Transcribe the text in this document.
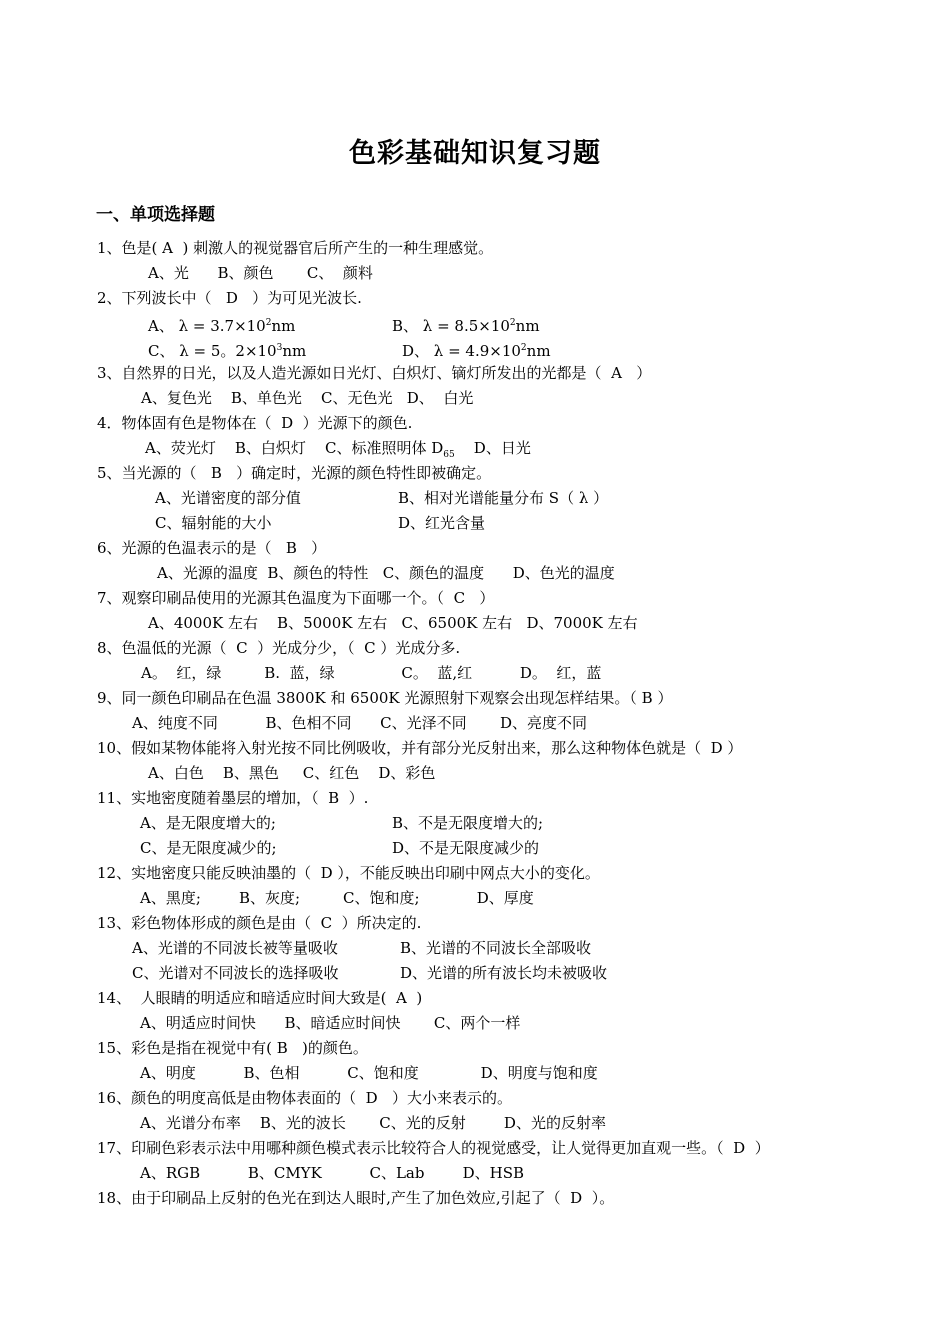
色彩基础知识复习题
一、单项选择题
1、色是( A  ) 刺激人的视觉器官后所产生的一种生理感觉。
A、光      B、颜色       C、  颜料
2、下列波长中（   D   ）为可见光波长.
A、 $\lambda = 3.7\times 10^2nm$	B、 $\lambda = 8.5\times 10^2nm$
C、 λ = 5。$2\times 10^3nm$	D、 $\lambda = 4.9\times 10^2nm$
3、自然界的日光，以及人造光源如日光灯、白炽灯、镝灯所发出的光都是（  A   ）
A、复色光    B、单色光    C、无色光   D、  白光
4．物体固有色是物体在（  D  ）光源下的颜色.
A、荧光灯    B、白炽灯    C、标准照明体 $D_{65}$    D、日光
5、当光源的（   B   ）确定时，光源的颜色特性即被确定。
A、光谱密度的部分值	B、相对光谱能量分布 S（ λ ）
C、辐射能的大小	D、红光含量
6、光源的色温表示的是（   B   ）
A、光源的温度  B、颜色的特性   C、颜色的温度      D、色光的温度
7、观察印刷品使用的光源其色温度为下面哪一个。（  C   ）
A、4000K 左右    B、5000K 左右   C、6500K 左右   D、7000K 左右
8、色温低的光源（  C  ）光成分少，（  C ）光成分多.
A。  红，绿         B.  蓝，绿              C。  蓝,红          D。  红，蓝
9、同一颜色印刷品在色温 3800K 和 6500K 光源照射下观察会出现怎样结果。（ B ）
A、纯度不同          B、色相不同      C、光泽不同       D、亮度不同
10、假如某物体能将入射光按不同比例吸收，并有部分光反射出来，那么这种物体色就是（  D ）
A、白色    B、黑色     C、红色    D、彩色
11、实地密度随着墨层的增加，（  B  ）.
A、是无限度增大的;	B、不是无限度增大的;
C、是无限度减少的;	D、不是无限度减少的
12、实地密度只能反映油墨的（  D ），不能反映出印刷中网点大小的变化。
A、黑度;        B、灰度;         C、饱和度;            D、厚度
13、彩色物体形成的颜色是由（  C  ）所决定的.
A、光谱的不同波长被等量吸收	B、光谱的不同波长全部吸收
C、光谱对不同波长的选择吸收	D、光谱的所有波长均未被吸收
14、  人眼睛的明适应和暗适应时间大致是(  A  )
A、明适应时间快      B、暗适应时间快       C、两个一样
15、彩色是指在视觉中有( B   )的颜色。
A、明度          B、色相          C、饱和度             D、明度与饱和度
16、颜色的明度高低是由物体表面的（  D   ）大小来表示的。
A、光谱分布率    B、光的波长       C、光的反射        D、光的反射率
17、印刷色彩表示法中用哪种颜色模式表示比较符合人的视觉感受，让人觉得更加直观一些。（  D  ）
A、RGB          B、CMYK          C、Lab        D、HSB
18、由于印刷品上反射的色光在到达人眼时,产生了加色效应,引起了（  D  ）。
